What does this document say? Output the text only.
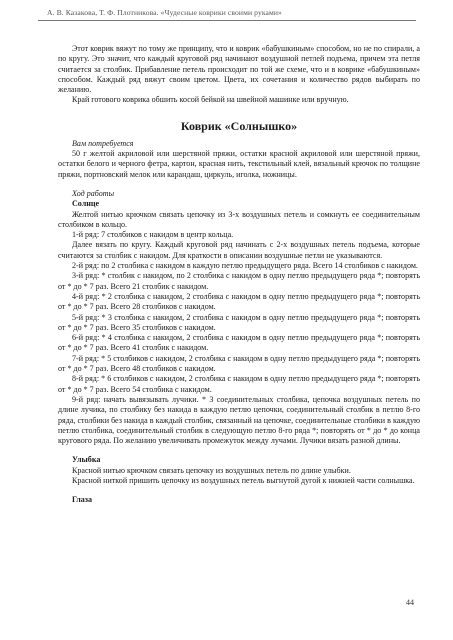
А. В. Казакова, Т. Ф. Плотникова. «Чудесные коврики своими руками»

Этот коврик вяжут по тому же принципу, что и коврик «бабушкиным» способом, но не по спирали, а по кругу. Это значит, что каждый круговой ряд начинают воздушной петлей подъема, причем эта петля считается за столбик. Прибавление петель происходит по той же схеме, что и в коврике «бабушкиным» способом. Каждый ряд вяжут своим цветом. Цвета, их сочетания и количество рядов выбирать по желанию.

Край готового коврика обшить косой бейкой на швейной машинке или вручную.

Коврик «Солнышко»

Вам потребуется

50 г желтой акриловой или шерстяной пряжи, остатки красной акриловой или шерстяной пряжи, остатки белого и черного фетра, картон, красная нить, текстильный клей, вязальный крючок по толщине пряжи, портновский мелок или карандаш, циркуль, иголка, ножницы.

Ход работы

Солнце

Желтой нитью крючком связать цепочку из 3-х воздушных петель и сомкнуть ее соединительным столбиком в кольцо.

1-й ряд: 7 столбиков с накидом в центр кольца.

Далее вязать по кругу. Каждый круговой ряд начинать с 2-х воздушных петель подъема, которые считаются за столбик с накидом. Для краткости в описании воздушные петли не указываются.

2-й ряд: по 2 столбика с накидом в каждую петлю предыдущего ряда. Всего 14 столбиков с накидом.

3-й ряд: * столбик с накидом, по 2 столбика с накидом в одну петлю предыдущего ряда *; повторять от * до * 7 раз. Всего 21 столбик с накидом.

4-й ряд: * 2 столбика с накидом, 2 столбика с накидом в одну петлю предыдущего ряда *; повторять от * до * 7 раз. Всего 28 столбиков с накидом.

5-й ряд: * 3 столбика с накидом, 2 столбика с накидом в одну петлю предыдущего ряда *; повторять от * до * 7 раз. Всего 35 столбиков с накидом.

6-й ряд: * 4 столбика с накидом, 2 столбика с накидом в одну петлю предыдущего ряда *; повторять от * до * 7 раз. Всего 41 столбик с накидом.

7-й ряд: * 5 столбиков с накидом, 2 столбика с накидом в одну петлю предыдущего ряда *; повторять от * до * 7 раз. Всего 48 столбиков с накидом.

8-й ряд: * 6 столбиков с накидом, 2 столбика с накидом в одну петлю предыдущего ряда *; повторять от * до * 7 раз. Всего 54 столбика с накидом.

9-й ряд: начать вывязывать лучики. * 3 соединительных столбика, цепочка воздушных петель по длине лучика, по столбику без накида в каждую петлю цепочки, соединительный столбик в петлю 8-го ряда, столбики без накида в каждый столбик, связанный на цепочке, соединительные столбики в каждую петлю столбика, соединительный столбик в следующую петлю 8-го ряда *; повторять от * до * до конца кругового ряда. По желанию увеличивать промежуток между лучами. Лучики вязать разной длины.

Улыбка

Красной нитью крючком связать цепочку из воздушных петель по длине улыбки.

Красной ниткой пришить цепочку из воздушных петель выгнутой дугой к нижней части солнышка.

Глаза

44
